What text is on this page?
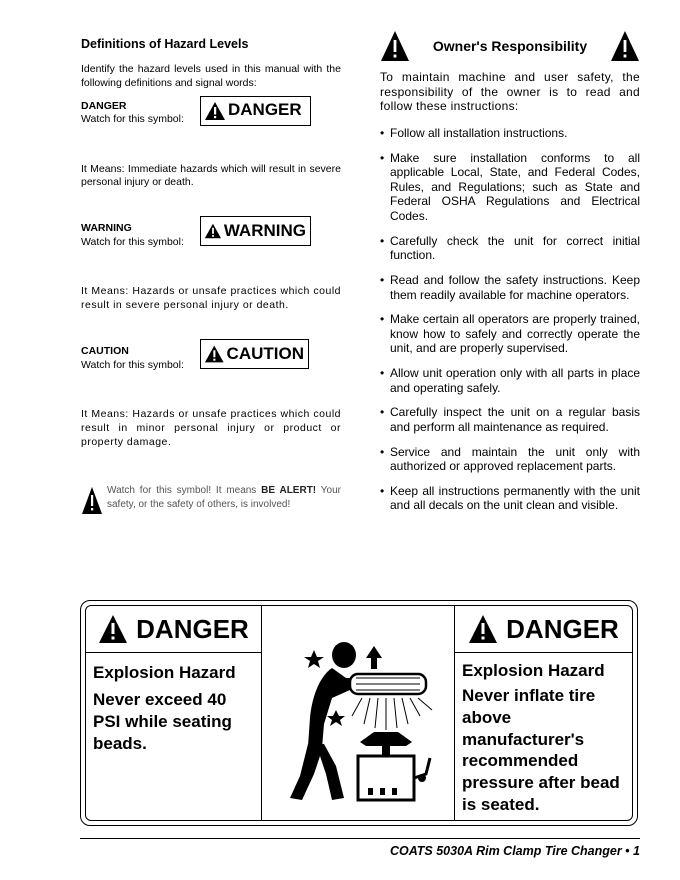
Definitions of Hazard Levels

Identify the hazard levels used in this manual with the following definitions and signal words:

DANGER
Watch for this symbol:
DANGER

It Means: Immediate hazards which will result in severe personal injury or death.

WARNING
Watch for this symbol:
WARNING

It Means: Hazards or unsafe practices which could result in severe personal injury or death.

CAUTION
Watch for this symbol:
CAUTION

It Means: Hazards or unsafe practices which could result in minor personal injury or product or property damage.

Watch for this symbol! It means BE ALERT! Your safety, or the safety of others, is involved!
Owner's Responsibility

To maintain machine and user safety, the responsibility of the owner is to read and follow these instructions:

• Follow all installation instructions.
• Make sure installation conforms to all applicable Local, State, and Federal Codes, Rules, and Regulations; such as State and Federal OSHA Regulations and Electrical Codes.
• Carefully check the unit for correct initial function.
• Read and follow the safety instructions. Keep them readily available for machine operators.
• Make certain all operators are properly trained, know how to safely and correctly operate the unit, and are properly supervised.
• Allow unit operation only with all parts in place and operating safely.
• Carefully inspect the unit on a regular basis and perform all maintenance as required.
• Service and maintain the unit only with authorized or approved replacement parts.
• Keep all instructions permanently with the unit and all decals on the unit clean and visible.
DANGER
Explosion Hazard
Never exceed 40 PSI while seating beads.
DANGER
Explosion Hazard
Never inflate tire above manufacturer's recommended pressure after bead is seated.
COATS 5030A Rim Clamp Tire Changer • 1
